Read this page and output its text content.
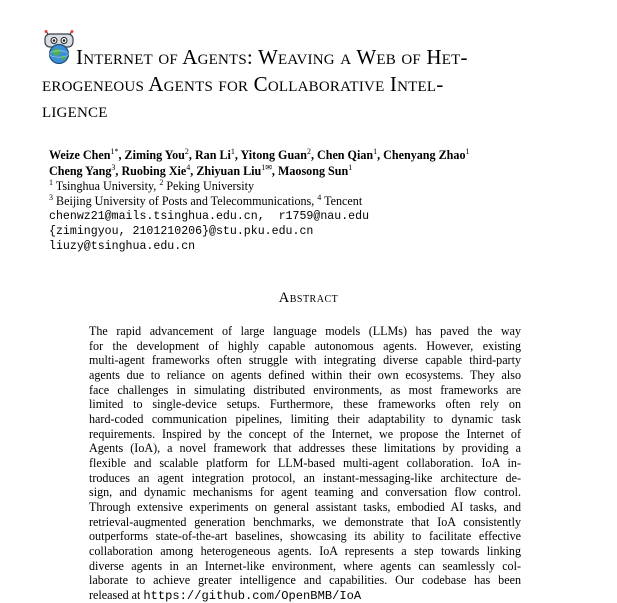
Internet of Agents: Weaving a Web of Het-
erogeneous Agents for Collaborative Intel-
ligence
Weize Chen$^{1*}$, Ziming You$^2$, Ran Li$^1$, Yitong Guan$^2$, Chen Qian$^1$, Chenyang Zhao$^1$
Cheng Yang$^3$, Ruobing Xie$^4$, Zhiyuan Liu$^{1✉}$, Maosong Sun$^1$
$^1$ Tsinghua University, $^2$ Peking University
$^3$ Beijing University of Posts and Telecommunications, $^4$ Tencent
chenwz21@mails.tsinghua.edu.cn,  r1759@nau.edu
{zimingyou, 2101210206}@stu.pku.edu.cn
liuzy@tsinghua.edu.cn
Abstract
The rapid advancement of large language models (LLMs) has paved the way
for the development of highly capable autonomous agents. However, existing
multi-agent frameworks often struggle with integrating diverse capable third-party
agents due to reliance on agents defined within their own ecosystems. They also
face challenges in simulating distributed environments, as most frameworks are
limited to single-device setups. Furthermore, these frameworks often rely on
hard-coded communication pipelines, limiting their adaptability to dynamic task
requirements. Inspired by the concept of the Internet, we propose the Internet of
Agents (IoA), a novel framework that addresses these limitations by providing a
flexible and scalable platform for LLM-based multi-agent collaboration. IoA in-
troduces an agent integration protocol, an instant-messaging-like architecture de-
sign, and dynamic mechanisms for agent teaming and conversation flow control.
Through extensive experiments on general assistant tasks, embodied AI tasks, and
retrieval-augmented generation benchmarks, we demonstrate that IoA consistently
outperforms state-of-the-art baselines, showcasing its ability to facilitate effective
collaboration among heterogeneous agents. IoA represents a step towards linking
diverse agents in an Internet-like environment, where agents can seamlessly col-
laborate to achieve greater intelligence and capabilities. Our codebase has been
released at https://github.com/OpenBMB/IoA
